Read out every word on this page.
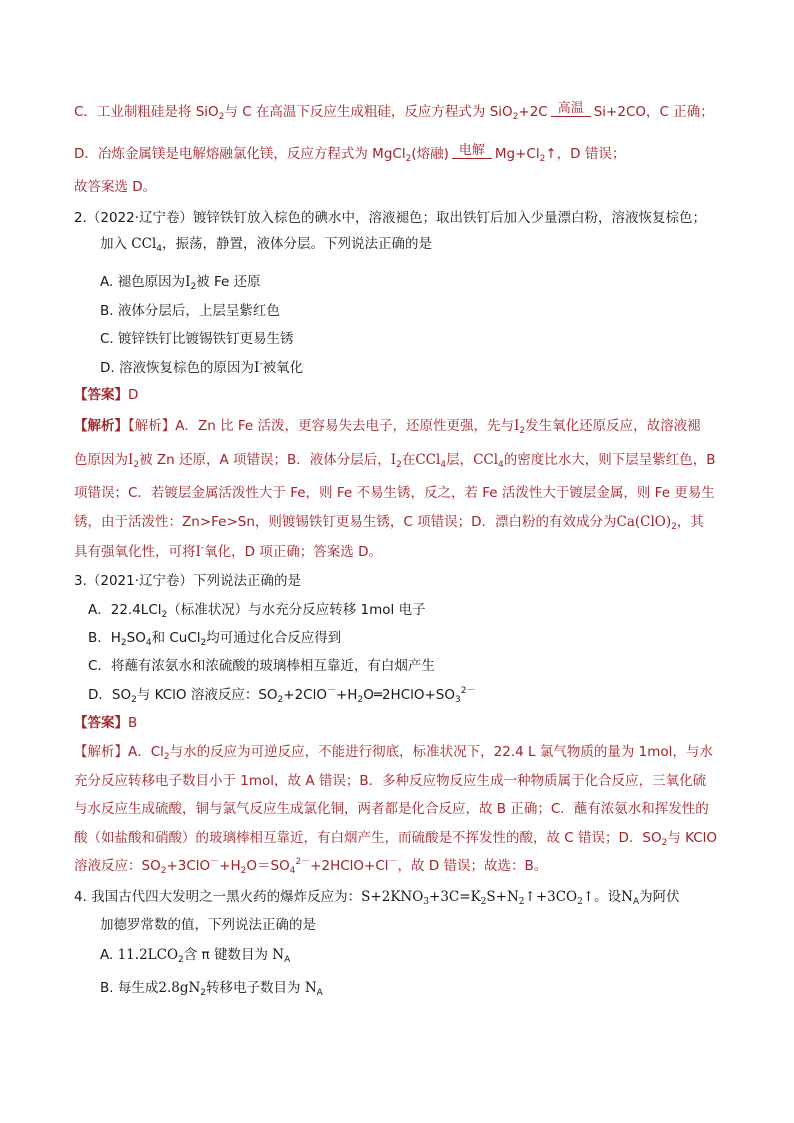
C．工业制粗硅是将 SiO$_2$与 C 在高温下反应生成粗硅，反应方程式为 SiO$_2$+2C 高温 Si+2CO，C 正确；
D．冶炼金属镁是电解熔融氯化镁，反应方程式为 MgCl$_2$(熔融) 电解 $Mg+Cl_2↑$，D 错误；
故答案选 D。
2.（2022·辽宁卷）镀锌铁钉放入棕色的碘水中，溶液褪色；取出铁钉后加入少量漂白粉，溶液恢复棕色；
加入 CCl$_4$，振荡，静置，液体分层。下列说法正确的是
A. 褪色原因为$I_2$被 Fe 还原
B. 液体分层后，上层呈紫红色
C. 镀锌铁钉比镀锡铁钉更易生锈
D. 溶液恢复棕色的原因为I-被氧化
【答案】D
【解析】【解析】A．Zn 比 Fe 活泼，更容易失去电子，还原性更强，先与$I_2$发生氧化还原反应，故溶液褪
色原因为$I_2$被 Zn 还原，A 项错误；B．液体分层后，$I_2$在CCl$_4$层，CCl$_4$的密度比水大，则下层呈紫红色，B
项错误；C．若镀层金属活泼性大于 Fe，则 Fe 不易生锈，反之，若 Fe 活泼性大于镀层金属，则 Fe 更易生
锈，由于活泼性：Zn>Fe>Sn，则镀锡铁钉更易生锈，C 项错误；D．漂白粉的有效成分为$Ca(ClO)_2$，其
具有强氧化性，可将I-氧化，D 项正确；答案选 D。
3.（2021·辽宁卷）下列说法正确的是
A．22.4LCl$_2$（标准状况）与水充分反应转移 1mol 电子
B．$H_2SO_4$和 CuCl$_2$均可通过化合反应得到
C．将蘸有浓氨水和浓硫酸的玻璃棒相互靠近，有白烟产生
D．$SO_2$与 KClO 溶液反应：$SO_2+2ClO^-+H_2O═2HClO+SO_3^{2-}$
【答案】B
【解析】A．$Cl_2$与水的反应为可逆反应，不能进行彻底，标准状况下，22.4 L 氯气物质的量为 1mol，与水
充分反应转移电子数目小于 1mol，故 A 错误；B．多种反应物反应生成一种物质属于化合反应，三氧化硫
与水反应生成硫酸，铜与氯气反应生成氯化铜，两者都是化合反应，故 B 正确；C．蘸有浓氨水和挥发性的
酸（如盐酸和硝酸）的玻璃棒相互靠近，有白烟产生，而硫酸是不挥发性的酸，故 C 错误；D．$SO_2$与 KClO
溶液反应：$SO_2+3ClO^-+H_2O=SO_4^{2-}+2HClO+Cl^-$，故 D 错误；故选：B。
4. 我国古代四大发明之一黑火药的爆炸反应为：$S+2KNO_3+3C=K_2S+N_2↑+3CO_2↑$。设$N_A$为阿伏
加德罗常数的值，下列说法正确的是
A. $11.2LCO_2$含 π 键数目为 $N_A$
B. 每生成$2.8gN_2$转移电子数目为 $N_A$
